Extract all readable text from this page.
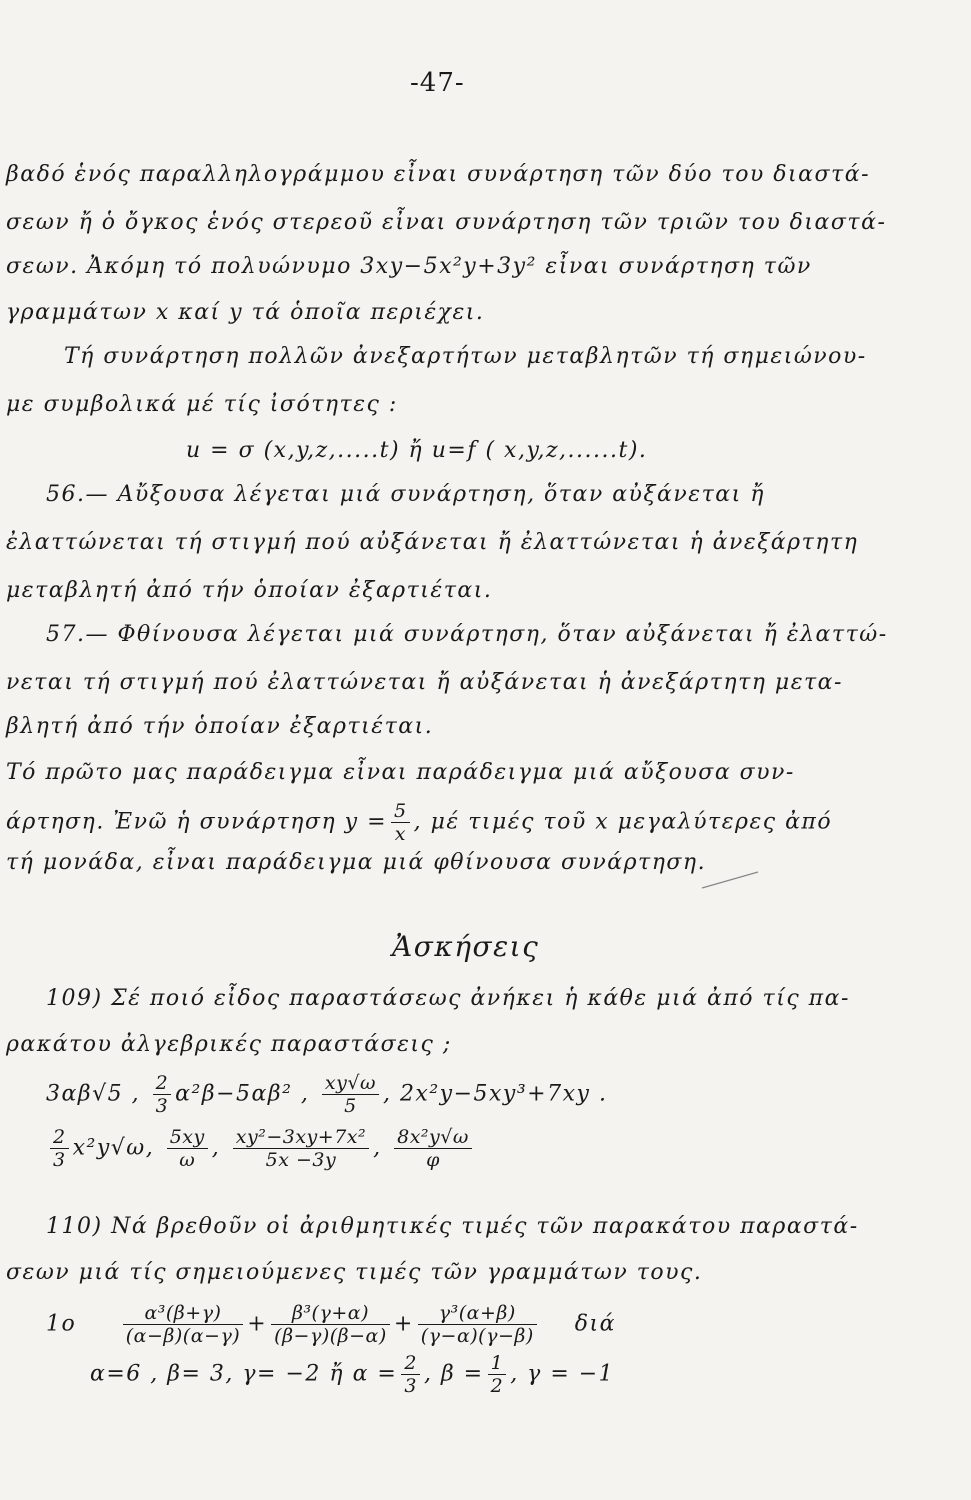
-47-
βαδό ἑνός παραλληλογράμμου εἶναι συνάρτηση τῶν δύο του διαστά-
σεων ἤ ὁ ὄγκος ἑνός στερεοῦ εἶναι συνάρτηση τῶν τριῶν του διαστά-
σεων. Ἀκόμη τό πολυώνυμο 3xy−5x²y+3y² εἶναι συνάρτηση τῶν
γραμμάτων x καί y τά ὁποῖα περιέχει.
Τή συνάρτηση πολλῶν ἀνεξαρτήτων μεταβλητῶν τή σημειώνου-
με συμβολικά μέ τίς ἰσότητες :
u = σ (x,y,z,.....t) ἤ u=f ( x,y,z,......t).
56.— Αὔξουσα λέγεται μιά συνάρτηση, ὅταν αὐξάνεται ἤ
ἐλαττώνεται τή στιγμή πού αὐξάνεται ἤ ἐλαττώνεται ἡ ἀνεξάρτητη
μεταβλητή ἀπό τήν ὁποίαν ἐξαρτιέται.
57.— Φθίνουσα λέγεται μιά συνάρτηση, ὅταν αὐξάνεται ἤ ἐλαττώ-
νεται τή στιγμή πού ἐλαττώνεται ἤ αὐξάνεται ἡ ἀνεξάρτητη μετα-
βλητή ἀπό τήν ὁποίαν ἐξαρτιέται.
Τό πρῶτο μας παράδειγμα εἶναι παράδειγμα μιά αὔξουσα συν-
άρτηση. Ἐνῶ ἡ συνάρτηση $y = \frac{5}{x}$ , μέ τιμές τοῦ x μεγαλύτερες ἀπό
τή μονάδα, εἶναι παράδειγμα μιά φθίνουσα συνάρτηση.
Ἀσκήσεις
109) Σέ ποιό εἶδος παραστάσεως ἀνήκει ἡ κάθε μιά ἀπό τίς πα-
ρακάτου ἀλγεβρικές παραστάσεις ;
3αβ√5 , $\frac{2}{3} \alpha^2\beta-5\alpha\beta^2$ , $\frac{xy√\omega}{5}$ , 2x²y−5xy³+7xy .
$\frac{2}{3} x^2y√\omega$, $\frac{5xy}{\omega}$ , $\frac{\text{xy²−3xy+7x²}}{5x -3y}$ , $\frac{\text{8x²y√ω}}{\varphi}$
110) Νά βρεθοῦν οἱ ἀριθμητικές τιμές τῶν παρακάτου παραστά-
σεων μιά τίς σημειούμενες τιμές τῶν γραμμάτων τους.
$1o \frac{\text{α³(β+γ)}}{(\alpha-\beta)(\alpha-\gamma)} + \frac{\text{β³(γ+α)}}{(\beta-\gamma)(\beta-\alpha)} + \frac{\text{γ³(α+β)}}{(\gamma-\alpha)(\gamma-\beta)}$ διά
α=6 , β= 3, γ= −2 ἤ $\alpha = \frac{2}{3}$ , $\beta = \frac{1}{2}$ , γ = −1
